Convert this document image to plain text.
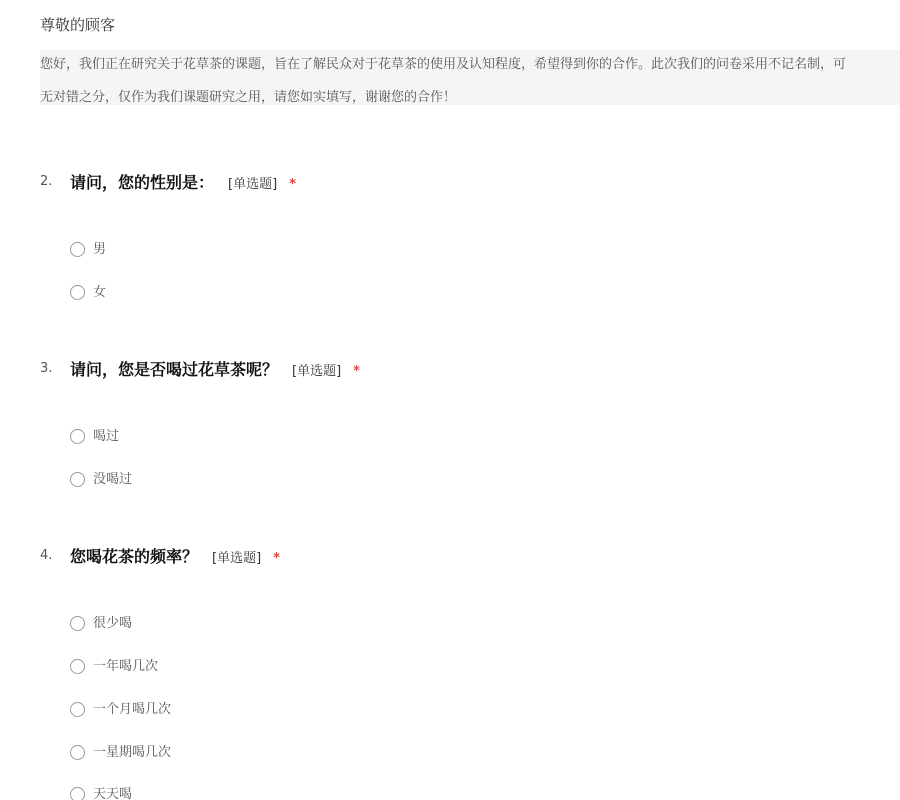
尊敬的顾客
您好，我们正在研究关于花草茶的课题，旨在了解民众对于花草茶的使用及认知程度，希望得到你的合作。此次我们的问卷采用不记名制，可
无对错之分，仅作为我们课题研究之用，请您如实填写，谢谢您的合作！
2. 请问，您的性别是： [单选题] *
男
女
3. 请问，您是否喝过花草茶呢？ [单选题] *
喝过
没喝过
4. 您喝花茶的频率？ [单选题] *
很少喝
一年喝几次
一个月喝几次
一星期喝几次
天天喝
